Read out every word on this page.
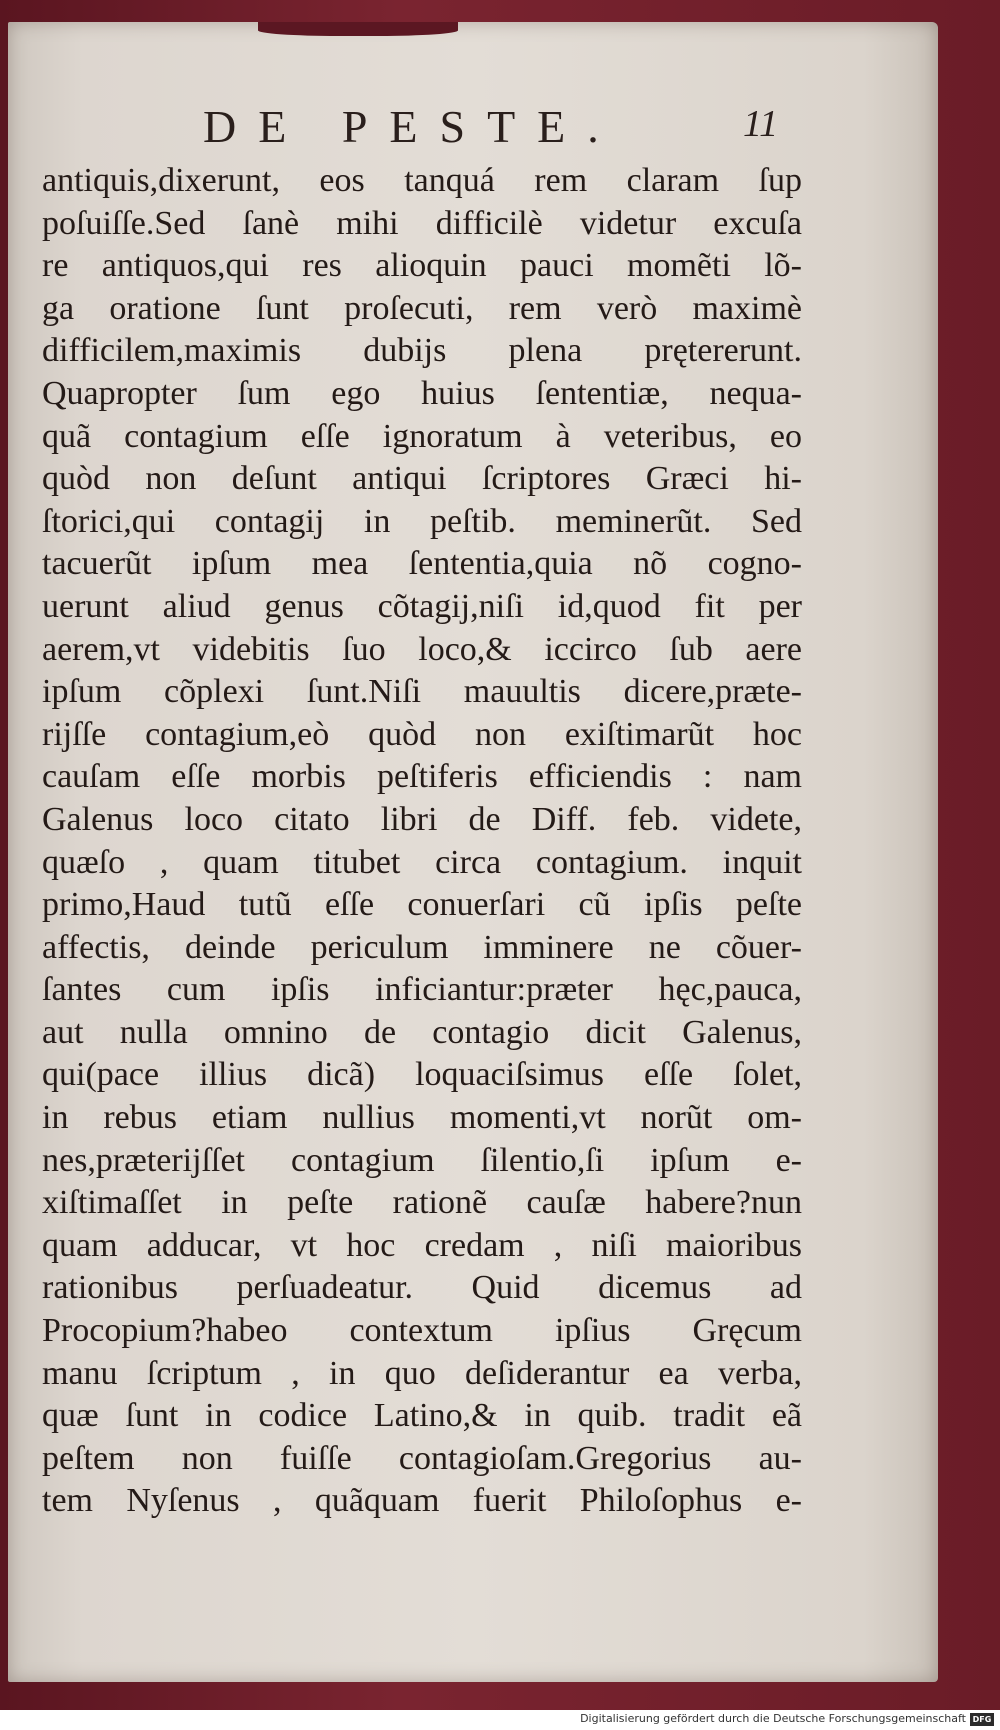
DE PESTE.	11
antiquis,dixerunt, eos tanquá rem claram ſup
poſuiſſe.Sed ſanè mihi difficilè videtur excuſa
re antiquos,qui res alioquin pauci momẽti lõ-
ga oratione ſunt proſecuti, rem verò maximè
difficilem,maximis dubijs plena prętererunt.
Quapropter ſum ego huius ſententiæ, nequa-
quã contagium eſſe ignoratum à veteribus, eo
quòd non deſunt antiqui ſcriptores Græci hi-
ſtorici,qui contagij in peſtib. meminerũt. Sed
tacuerũt ipſum mea ſententia,quia nõ cogno-
uerunt aliud genus cõtagij,niſi id,quod fit per
aerem,vt videbitis ſuo loco,& iccirco ſub aere
ipſum cõplexi ſunt.Niſi mauultis dicere,præte-
rijſſe contagium,eò quòd non exiſtimarũt hoc
cauſam eſſe morbis peſtiferis efficiendis : nam
Galenus loco citato libri de Diff. feb. videte,
quæſo , quam titubet circa contagium. inquit
primo,Haud tutũ eſſe conuerſari cũ ipſis peſte
affectis, deinde periculum imminere ne cõuer-
ſantes cum ipſis inficiantur:præter hęc,pauca,
aut nulla omnino de contagio dicit Galenus,
qui(pace illius dicã) loquaciſsimus eſſe ſolet,
in rebus etiam nullius momenti,vt norũt om-
nes,præterijſſet contagium ſilentio,ſi ipſum e-
xiſtimaſſet in peſte rationẽ cauſæ habere?nun
quam adducar, vt hoc credam , niſi maioribus
rationibus perſuadeatur. Quid dicemus ad
Procopium?habeo contextum ipſius Gręcum
manu ſcriptum , in quo deſiderantur ea verba,
quæ ſunt in codice Latino,& in quib. tradit eã
peſtem non fuiſſe contagioſam.Gregorius au-
tem Nyſenus , quãquam fuerit Philoſophus e-
Digitalisierung gefördert durch die Deutsche Forschungsgemeinschaft DFG
